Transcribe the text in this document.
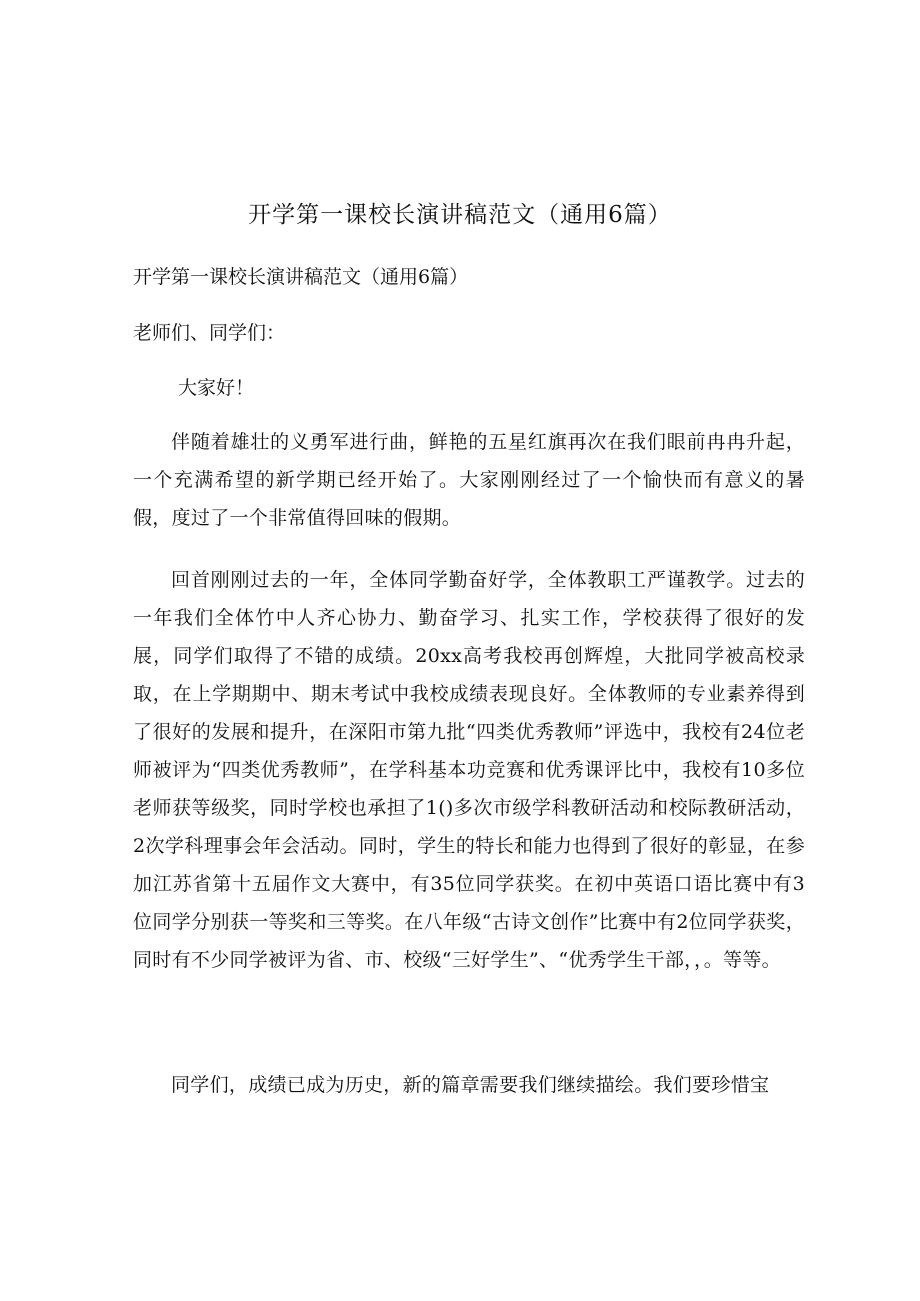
开学第一课校长演讲稿范文（通用6篇）

开学第一课校长演讲稿范文（通用6篇）

老师们、同学们：

大家好！

伴随着雄壮的义勇军进行曲，鲜艳的五星红旗再次在我们眼前冉冉升起，一个充满希望的新学期已经开始了。大家刚刚经过了一个愉快而有意义的暑假，度过了一个非常值得回味的假期。

回首刚刚过去的一年，全体同学勤奋好学，全体教职工严谨教学。过去的一年我们全体竹中人齐心协力、勤奋学习、扎实工作，学校获得了很好的发展，同学们取得了不错的成绩。20xx高考我校再创辉煌，大批同学被高校录取，在上学期期中、期末考试中我校成绩表现良好。全体教师的专业素养得到了很好的发展和提升，在深阳市第九批“四类优秀教师”评选中，我校有24位老师被评为“四类优秀教师”，在学科基本功竞赛和优秀课评比中，我校有10多位老师获等级奖，同时学校也承担了1()多次市级学科教研活动和校际教研活动，2次学科理事会年会活动。同时，学生的特长和能力也得到了很好的彰显，在参加江苏省第十五届作文大赛中，有35位同学获奖。在初中英语口语比赛中有3位同学分别获一等奖和三等奖。在八年级“古诗文创作”比赛中有2位同学获奖，同时有不少同学被评为省、市、校级“三好学生”、“优秀学生干部，，。等等。

同学们，成绩已成为历史，新的篇章需要我们继续描绘。我们要珍惜宝
